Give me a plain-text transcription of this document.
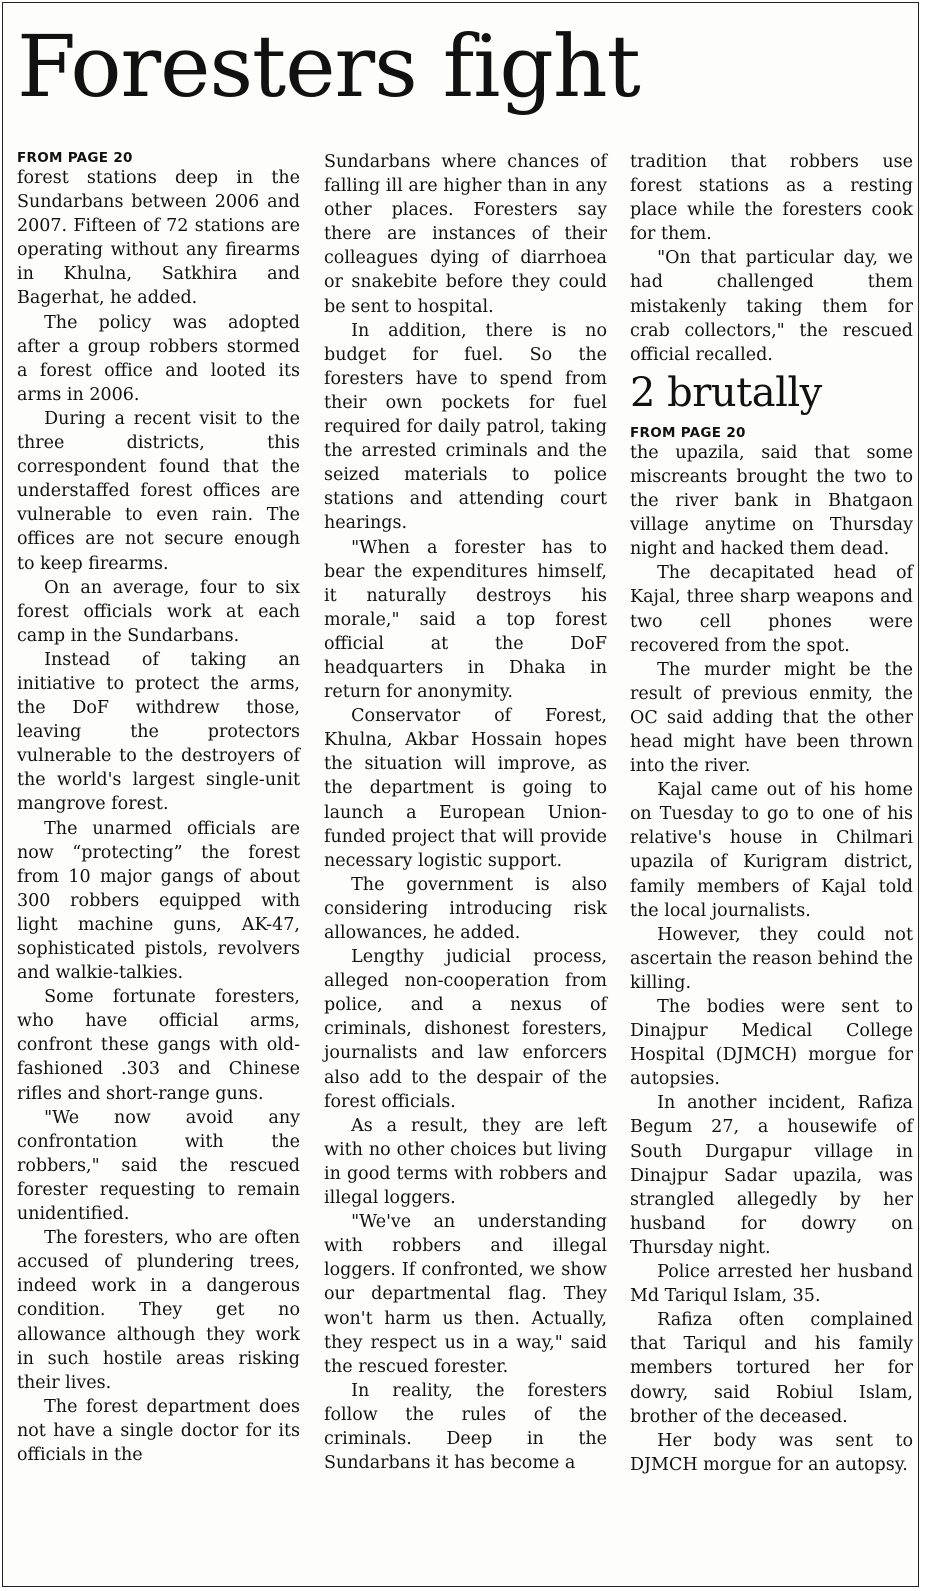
Foresters fight
FROM PAGE 20

forest stations deep in the Sundarbans between 2006 and 2007. Fifteen of 72 stations are operating without any firearms in Khulna, Satkhira and Bagerhat, he added.

The policy was adopted after a group robbers stormed a forest office and looted its arms in 2006.

During a recent visit to the three districts, this correspondent found that the understaffed forest offices are vulnerable to even rain. The offices are not secure enough to keep firearms.

On an average, four to six forest officials work at each camp in the Sundarbans.

Instead of taking an initiative to protect the arms, the DoF withdrew those, leaving the protectors vulnerable to the destroyers of the world's largest single-unit mangrove forest.

The unarmed officials are now “protecting” the forest from 10 major gangs of about 300 robbers equipped with light machine guns, AK-47, sophisticated pistols, revolvers and walkie-talkies.

Some fortunate foresters, who have official arms, confront these gangs with old-fashioned .303 and Chinese rifles and short-range guns.

"We now avoid any confrontation with the robbers," said the rescued forester requesting to remain unidentified.

The foresters, who are often accused of plundering trees, indeed work in a dangerous condition. They get no allowance although they work in such hostile areas risking their lives.

The forest department does not have a single doctor for its officials in the

Sundarbans where chances of falling ill are higher than in any other places. Foresters say there are instances of their colleagues dying of diarrhoea or snakebite before they could be sent to hospital.

In addition, there is no budget for fuel. So the foresters have to spend from their own pockets for fuel required for daily patrol, taking the arrested criminals and the seized materials to police stations and attending court hearings.

"When a forester has to bear the expenditures himself, it naturally destroys his morale," said a top forest official at the DoF headquarters in Dhaka in return for anonymity.

Conservator of Forest, Khulna, Akbar Hossain hopes the situation will improve, as the department is going to launch a European Union-funded project that will provide necessary logistic support.

The government is also considering introducing risk allowances, he added.

Lengthy judicial process, alleged non-cooperation from police, and a nexus of criminals, dishonest foresters, journalists and law enforcers also add to the despair of the forest officials.

As a result, they are left with no other choices but living in good terms with robbers and illegal loggers.

"We've an understanding with robbers and illegal loggers. If confronted, we show our departmental flag. They won't harm us then. Actually, they respect us in a way," said the rescued forester.

In reality, the foresters follow the rules of the criminals. Deep in the Sundarbans it has become a

tradition that robbers use forest stations as a resting place while the foresters cook for them.

"On that particular day, we had challenged them mistakenly taking them for crab collectors," the rescued official recalled.

2 brutally
FROM PAGE 20

the upazila, said that some miscreants brought the two to the river bank in Bhatgaon village anytime on Thursday night and hacked them dead.

The decapitated head of Kajal, three sharp weapons and two cell phones were recovered from the spot.

The murder might be the result of previous enmity, the OC said adding that the other head might have been thrown into the river.

Kajal came out of his home on Tuesday to go to one of his relative's house in Chilmari upazila of Kurigram district, family members of Kajal told the local journalists.

However, they could not ascertain the reason behind the killing.

The bodies were sent to Dinajpur Medical College Hospital (DJMCH) morgue for autopsies.

In another incident, Rafiza Begum 27, a housewife of South Durgapur village in Dinajpur Sadar upazila, was strangled allegedly by her husband for dowry on Thursday night.

Police arrested her husband Md Tariqul Islam, 35.

Rafiza often complained that Tariqul and his family members tortured her for dowry, said Robiul Islam, brother of the deceased.

Her body was sent to DJMCH morgue for an autopsy.
